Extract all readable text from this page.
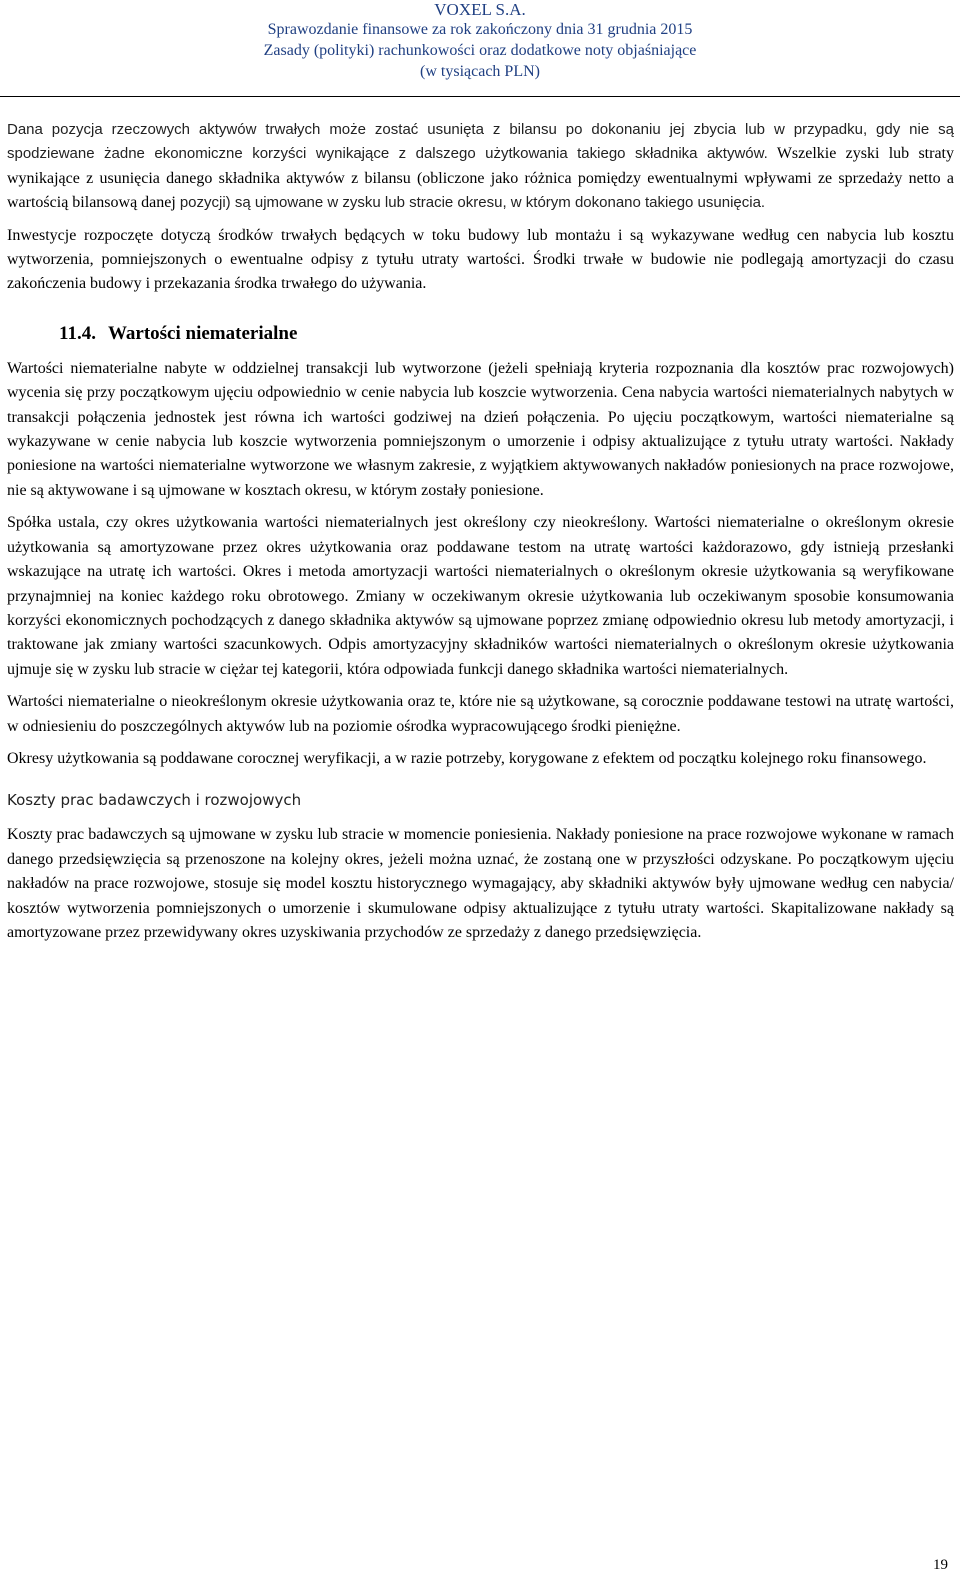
VOXEL S.A.
Sprawozdanie finansowe za rok zakończony dnia 31 grudnia 2015
Zasady (polityki) rachunkowości oraz dodatkowe noty objaśniające
(w tysiącach PLN)

Dana pozycja rzeczowych aktywów trwałych może zostać usunięta z bilansu po dokonaniu jej zbycia lub w przypadku, gdy nie są spodziewane żadne ekonomiczne korzyści wynikające z dalszego użytkowania takiego składnika aktywów. Wszelkie zyski lub straty wynikające z usunięcia danego składnika aktywów z bilansu (obliczone jako różnica pomiędzy ewentualnymi wpływami ze sprzedaży netto a wartością bilansową danej pozycji) są ujmowane w zysku lub stracie okresu, w którym dokonano takiego usunięcia.

Inwestycje rozpoczęte dotyczą środków trwałych będących w toku budowy lub montażu i są wykazywane według cen nabycia lub kosztu wytworzenia, pomniejszonych o ewentualne odpisy z tytułu utraty wartości. Środki trwałe w budowie nie podlegają amortyzacji do czasu zakończenia budowy i przekazania środka trwałego do używania.

11.4. Wartości niematerialne

Wartości niematerialne nabyte w oddzielnej transakcji lub wytworzone (jeżeli spełniają kryteria rozpoznania dla kosztów prac rozwojowych) wycenia się przy początkowym ujęciu odpowiednio w cenie nabycia lub koszcie wytworzenia. Cena nabycia wartości niematerialnych nabytych w transakcji połączenia jednostek jest równa ich wartości godziwej na dzień połączenia. Po ujęciu początkowym, wartości niematerialne są wykazywane w cenie nabycia lub koszcie wytworzenia pomniejszonym o umorzenie i odpisy aktualizujące z tytułu utraty wartości. Nakłady poniesione na wartości niematerialne wytworzone we własnym zakresie, z wyjątkiem aktywowanych nakładów poniesionych na prace rozwojowe, nie są aktywowane i są ujmowane w kosztach okresu, w którym zostały poniesione.

Spółka ustala, czy okres użytkowania wartości niematerialnych jest określony czy nieokreślony. Wartości niematerialne o określonym okresie użytkowania są amortyzowane przez okres użytkowania oraz poddawane testom na utratę wartości każdorazowo, gdy istnieją przesłanki wskazujące na utratę ich wartości. Okres i metoda amortyzacji wartości niematerialnych o określonym okresie użytkowania są weryfikowane przynajmniej na koniec każdego roku obrotowego. Zmiany w oczekiwanym okresie użytkowania lub oczekiwanym sposobie konsumowania korzyści ekonomicznych pochodzących z danego składnika aktywów są ujmowane poprzez zmianę odpowiednio okresu lub metody amortyzacji, i traktowane jak zmiany wartości szacunkowych. Odpis amortyzacyjny składników wartości niematerialnych o określonym okresie użytkowania ujmuje się w zysku lub stracie w ciężar tej kategorii, która odpowiada funkcji danego składnika wartości niematerialnych.

Wartości niematerialne o nieokreślonym okresie użytkowania oraz te, które nie są użytkowane, są corocznie poddawane testowi na utratę wartości, w odniesieniu do poszczególnych aktywów lub na poziomie ośrodka wypracowującego środki pieniężne.

Okresy użytkowania są poddawane corocznej weryfikacji, a w razie potrzeby, korygowane z efektem od początku kolejnego roku finansowego.

Koszty prac badawczych i rozwojowych

Koszty prac badawczych są ujmowane w zysku lub stracie w momencie poniesienia. Nakłady poniesione na prace rozwojowe wykonane w ramach danego przedsięwzięcia są przenoszone na kolejny okres, jeżeli można uznać, że zostaną one w przyszłości odzyskane. Po początkowym ujęciu nakładów na prace rozwojowe, stosuje się model kosztu historycznego wymagający, aby składniki aktywów były ujmowane według cen nabycia/ kosztów wytworzenia pomniejszonych o umorzenie i skumulowane odpisy aktualizujące z tytułu utraty wartości. Skapitalizowane nakłady są amortyzowane przez przewidywany okres uzyskiwania przychodów ze sprzedaży z danego przedsięwzięcia.

19
